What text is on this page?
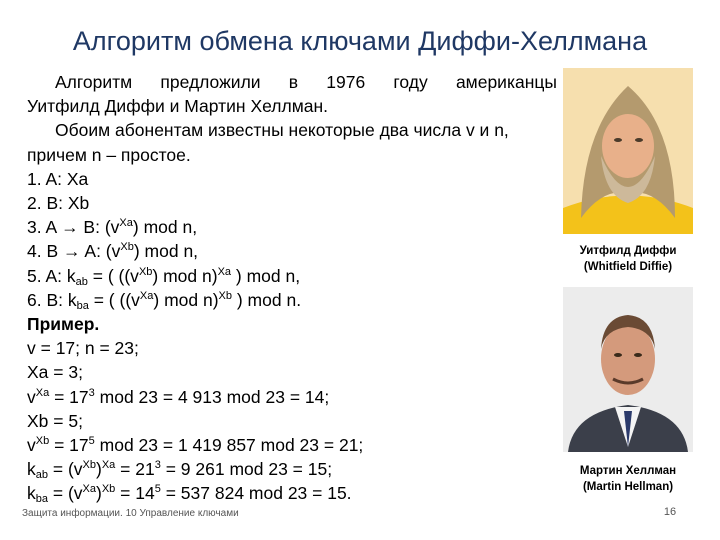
Алгоритм обмена ключами Диффи-Хеллмана
Алгоритм предложили в 1976 году американцы
Уитфилд Диффи и Мартин Хеллман.
Обоим абонентам известны некоторые два числа v и n,
причем n – простое.
1. A: Xa
2. B: Xb
3. A → B: $(v^{Xa})$ mod n,
4. B → A: $(v^{Xb})$ mod n,
5. A: $k_{ab}$ = ( ($(v^{Xb})$ mod n)$^{Xa}$ ) mod n,
6. B: $k_{ba}$ = ( ($(v^{Xa})$ mod n)$^{Xb}$ ) mod n.
Пример.
v = 17; n = 23;
Xa = 3;
$v^{Xa} = 17^3$ mod 23 = 4 913 mod 23 = 14;
Xb = 5;
$v^{Xb} = 17^5$ mod 23 = 1 419 857 mod 23 = 21;
$k_{ab} = (v^{Xb})^{Xa} = 21^3 = 9$ 261 mod 23 = 15;
$k_{ba} = (v^{Xa})^{Xb} = 14^5 = 537$ 824 mod 23 = 15.
Уитфилд Диффи
(Whitfield Diffie)
Мартин Хеллман
(Martin Hellman)
Защита информации. 10 Управление ключами	16
